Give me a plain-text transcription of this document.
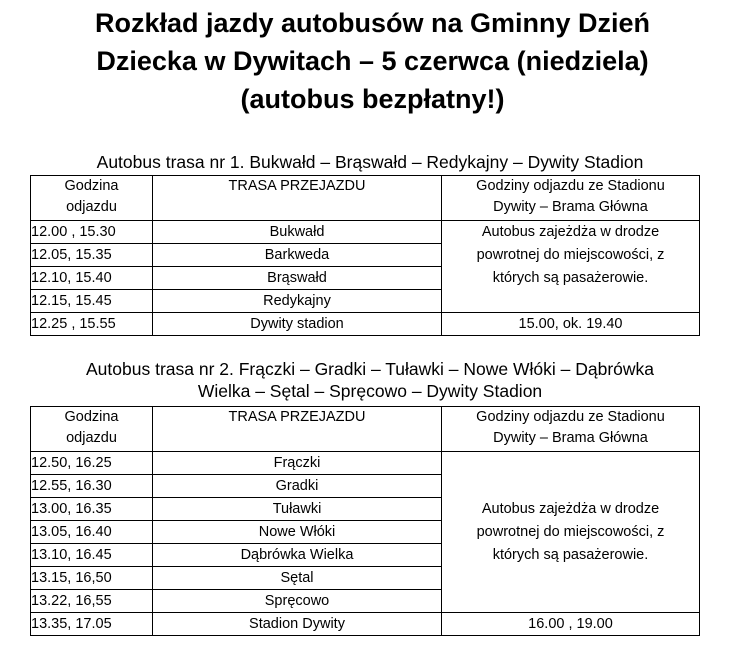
Rozkład jazdy autobusów na Gminny Dzień
Dziecka w Dywitach – 5 czerwca (niedziela)
(autobus bezpłatny!)
Autobus trasa nr 1. Bukwałd – Brąswałd – Redykajny – Dywity Stadion
Godzina
odjazdu	TRASA PRZEJAZDU	Godziny odjazdu ze Stadionu
Dywity – Brama Główna

12.00 , 15.30	Bukwałd	Autobus zajeżdża w drodze
powrotnej do miejscowości, z
których są pasażerowie.

12.05, 15.35	Barkweda	
12.10, 15.40	Brąswałd	
12.15, 15.45	Redykajny	
12.25 , 15.55	Dywity stadion	15.00, ok. 19.40
Autobus trasa nr 2. Frączki – Gradki – Tuławki – Nowe Włóki – Dąbrówka
Wielka – Sętal – Spręcowo – Dywity Stadion
Godzina
odjazdu	TRASA PRZEJAZDU	Godziny odjazdu ze Stadionu
Dywity – Brama Główna

12.50, 16.25	Frączki	Autobus zajeżdża w drodze
powrotnej do miejscowości, z
których są pasażerowie.

12.55, 16.30	Gradki	
13.00, 16.35	Tuławki	
13.05, 16.40	Nowe Włóki	
13.10, 16.45	Dąbrówka Wielka	
13.15, 16,50	Sętal	
13.22, 16,55	Spręcowo	
13.35, 17.05	Stadion Dywity	16.00 , 19.00
